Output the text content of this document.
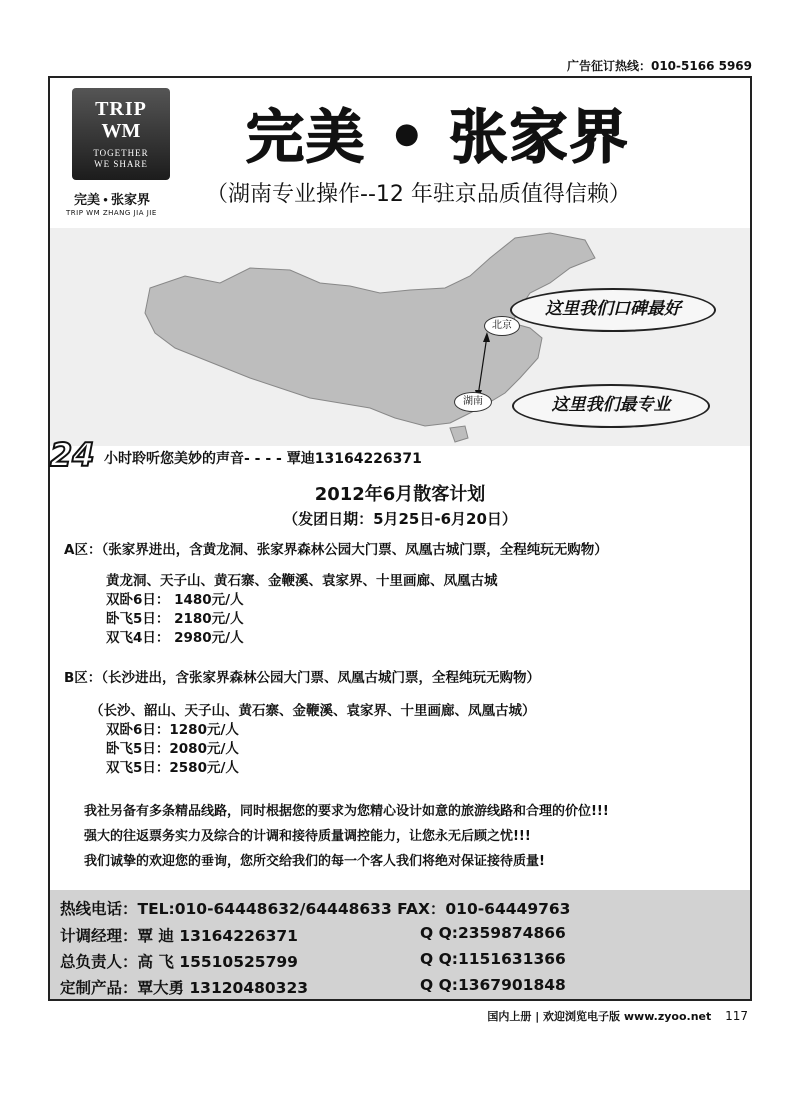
广告征订热线：010-5166 5969
TRIP
WM
TOGETHER
WE SHARE
完美 • 张家界
TRIP WM ZHANG JIA JIE
完美 • 张家界
（湖南专业操作--12 年驻京品质值得信赖）
这里我们口碑最好
这里我们最专业
北京
湖南
24 小时聆听您美妙的声音- - - - 覃迪13164226371
2012年6月散客计划
（发团日期：5月25日-6月20日）
A区：（张家界进出，含黄龙洞、张家界森林公园大门票、凤凰古城门票，全程纯玩无购物）
黄龙洞、天子山、黄石寨、金鞭溪、袁家界、十里画廊、凤凰古城
双卧6日： 1480元/人
卧飞5日： 2180元/人
双飞4日： 2980元/人
B区：（长沙进出，含张家界森林公园大门票、凤凰古城门票，全程纯玩无购物）
（长沙、韶山、天子山、黄石寨、金鞭溪、袁家界、十里画廊、凤凰古城）
双卧6日：1280元/人
卧飞5日：2080元/人
双飞5日：2580元/人
我社另备有多条精品线路，同时根据您的要求为您精心设计如意的旅游线路和合理的价位!!!
强大的往返票务实力及综合的计调和接待质量调控能力，让您永无后顾之忧!!!
我们诚挚的欢迎您的垂询，您所交给我们的每一个客人我们将绝对保证接待质量!
热线电话：TEL:010-64448632/64448633 FAX：010-64449763
计调经理：覃 迪 13164226371	Q Q:2359874866
总负责人：高 飞 15510525799	Q Q:1151631366
定制产品：覃大勇 13120480323	Q Q:1367901848
国内上册 | 欢迎浏览电子版 www.zyoo.net 117
